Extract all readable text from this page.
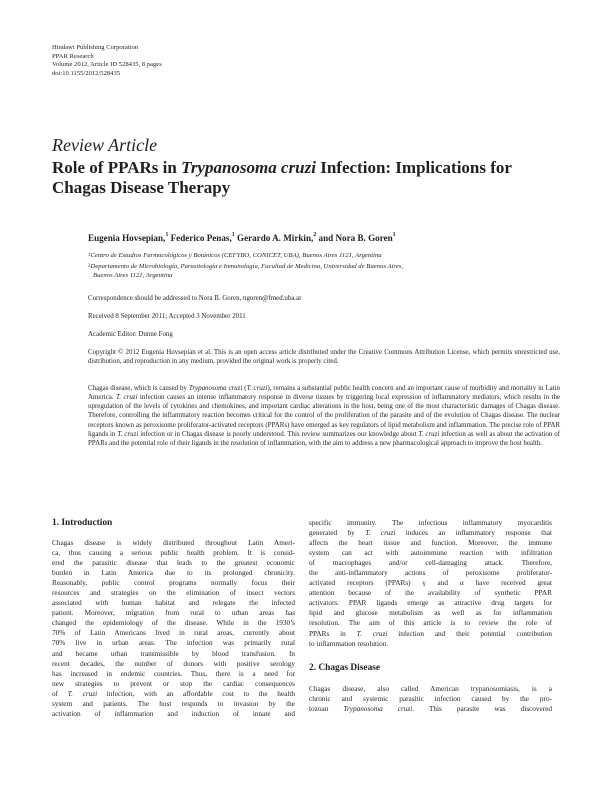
Hindawi Publishing Corporation
PPAR Research
Volume 2012, Article ID 528435, 8 pages
doi:10.1155/2012/528435
Review Article
Role of PPARs in Trypanosoma cruzi Infection: Implications for
Chagas Disease Therapy
Eugenia Hovsepian,$^1$ Federico Penas,$^1$ Gerardo A. Mirkin,$^2$ and Nora B. Goren$^1$
$^1$Centro de Estudios Farmacológicos y Botánicos (CEFYBO, CONICET, UBA), Buenos Aires 1121, Argentina
$^2$Departamento de Microbiología, Parasitología e Inmunología, Facultad de Medicina, Universidad de Buenos Aires,
Buenos Aires 1121, Argentina
Correspondence should be addressed to Nora B. Goren, ngoren@fmed.uba.ar
Received 8 September 2011; Accepted 3 November 2011
Academic Editor: Dunne Fong
Copyright © 2012 Eugenia Hovsepian et al. This is an open access article distributed under the Creative Commons Attribution License, which permits unrestricted use, distribution, and reproduction in any medium, provided the original work is properly cited.
Chagas disease, which is caused by Trypanosoma cruzi (T. cruzi), remains a substantial public health concern and an important cause of morbidity and mortality in Latin America. T. cruzi infection causes an intense inflammatory response in diverse tissues by triggering local expression of inflammatory mediators, which results in the upregulation of the levels of cytokines and chemokines, and important cardiac alterations in the host, being one of the most characteristic damages of Chagas disease. Therefore, controlling the inflammatory reaction becomes critical for the control of the proliferation of the parasite and of the evolution of Chagas disease. The nuclear receptors known as peroxisome proliferator-activated receptors (PPARs) have emerged as key regulators of lipid metabolism and inflammation. The precise role of PPAR ligands in T. cruzi infection or in Chagas disease is poorly understood. This review summarizes our knowledge about T. cruzi infection as well as about the activation of PPARs and the potential role of their ligands in the resolution of inflammation, with the aim to address a new pharmacological approach to improve the host health.
1. Introduction
Chagas disease is widely distributed throughout Latin Ameri-
ca, thus causing a serious public health problem. It is consid-
ered the parasitic disease that leads to the greatest economic
burden in Latin America due to its prolonged chronicity.
Reasonably, public control programs normally focus their
resources and strategies on the elimination of insect vectors
associated with human habitat and relegate the infected
patient. Moreover, migration from rural to urban areas has
changed the epidemiology of the disease. While in the 1930’s
70% of Latin Americans lived in rural areas, currently about
70% live in urban areas. The infection was primarily rural
and became urban transmissible by blood transfusion. In
recent decades, the number of donors with positive serology
has increased in endemic countries. Thus, there is a need for
new strategies to prevent or stop the cardiac consequences
of T. cruzi infection, with an affordable cost to the health
system and patients. The host responds to invasion by the
activation of inflammation and induction of innate and
specific immunity. The infectious inflammatory myocarditis
generated by T. cruzi induces an inflammatory response that
affects the heart tissue and function. Moreover, the immune
system can act with autoimmune reaction with infiltration
of macrophages and/or cell-damaging attack. Therefore,
the anti-inflammatory actions of peroxisome proliferator-
activated receptors (PPARs) γ and α have received great
attention because of the availability of synthetic PPAR
activators. PPAR ligands emerge as attractive drug targets for
lipid and glucose metabolism as well as for inflammation
resolution. The aim of this article is to review the role of
PPARs in T. cruzi infection and their potential contribution
to inflammation resolution.
2. Chagas Disease
Chagas disease, also called American trypanosomiasis, is a
chronic and systemic parasitic infection caused by the pro-
tozoan Trypanosoma cruzi. This parasite was discovered
